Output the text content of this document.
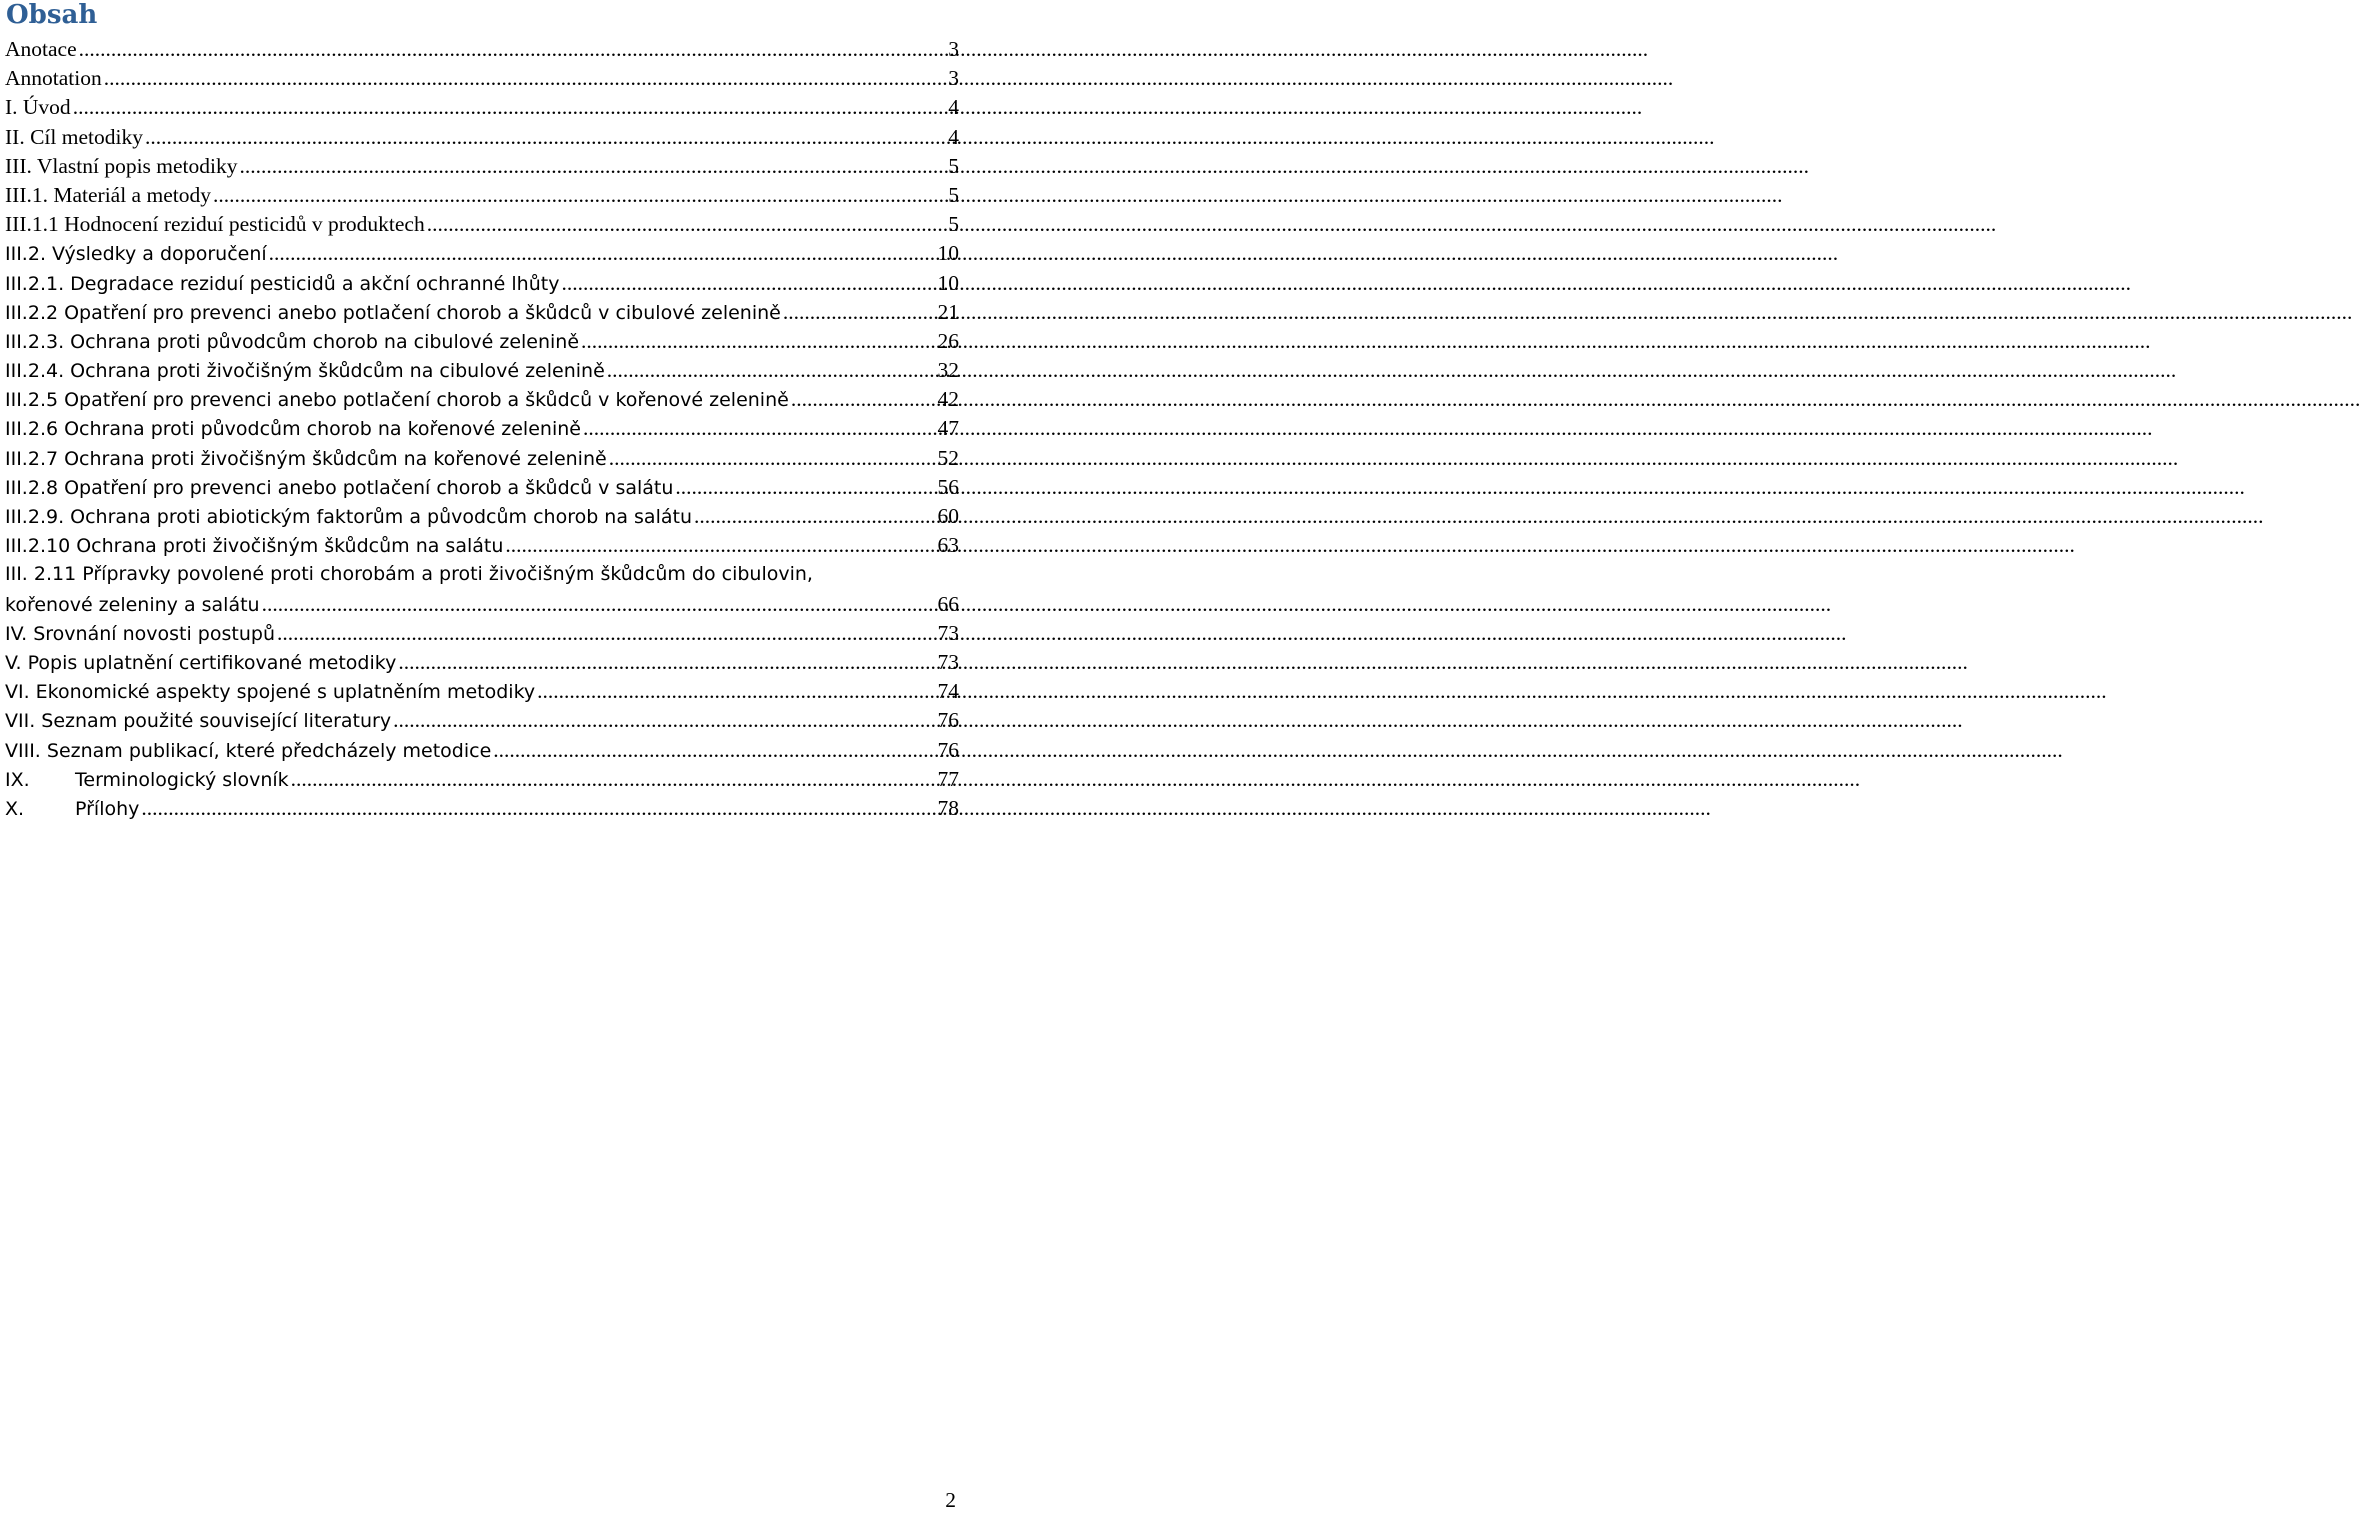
Obsah
Anotace .....	3
Annotation .....	3
I. Úvod .....	4
II. Cíl metodiky .....	4
III. Vlastní popis metodiky .....	5
III.1. Materiál a metody .....	5
III.1.1 Hodnocení reziduí pesticidů v produktech .....	5
III.2. Výsledky a doporučení .....	10
III.2.1. Degradace reziduí pesticidů a akční ochranné lhůty .....	10
III.2.2 Opatření pro prevenci anebo potlačení chorob a škůdců v cibulové zelenině .....	21
III.2.3. Ochrana proti původcům chorob na cibulové zelenině .....	26
III.2.4. Ochrana proti živočišným škůdcům na cibulové zelenině .....	32
III.2.5 Opatření pro prevenci anebo potlačení chorob a škůdců v kořenové zelenině .....	42
III.2.6 Ochrana proti původcům chorob na kořenové zelenině .....	47
III.2.7 Ochrana proti živočišným škůdcům na kořenové zelenině .....	52
III.2.8 Opatření pro prevenci anebo potlačení chorob a škůdců v salátu .....	56
III.2.9. Ochrana proti abiotickým faktorům a původcům chorob na salátu .....	60
III.2.10 Ochrana proti živočišným škůdcům na salátu .....	63
III. 2.11 Přípravky povolené proti chorobám a proti živočišným škůdcům do cibulovin,
kořenové zeleniny a salátu .....	66
IV. Srovnání novosti postupů .....	73
V. Popis uplatnění certifikované metodiky .....	73
VI. Ekonomické aspekty spojené s uplatněním metodiky .....	74
VII. Seznam použité související literatury .....	76
VIII. Seznam publikací, které předcházely metodice .....	76
IX. Terminologický slovník .....	77
X.	Přílohy .....	78
2
